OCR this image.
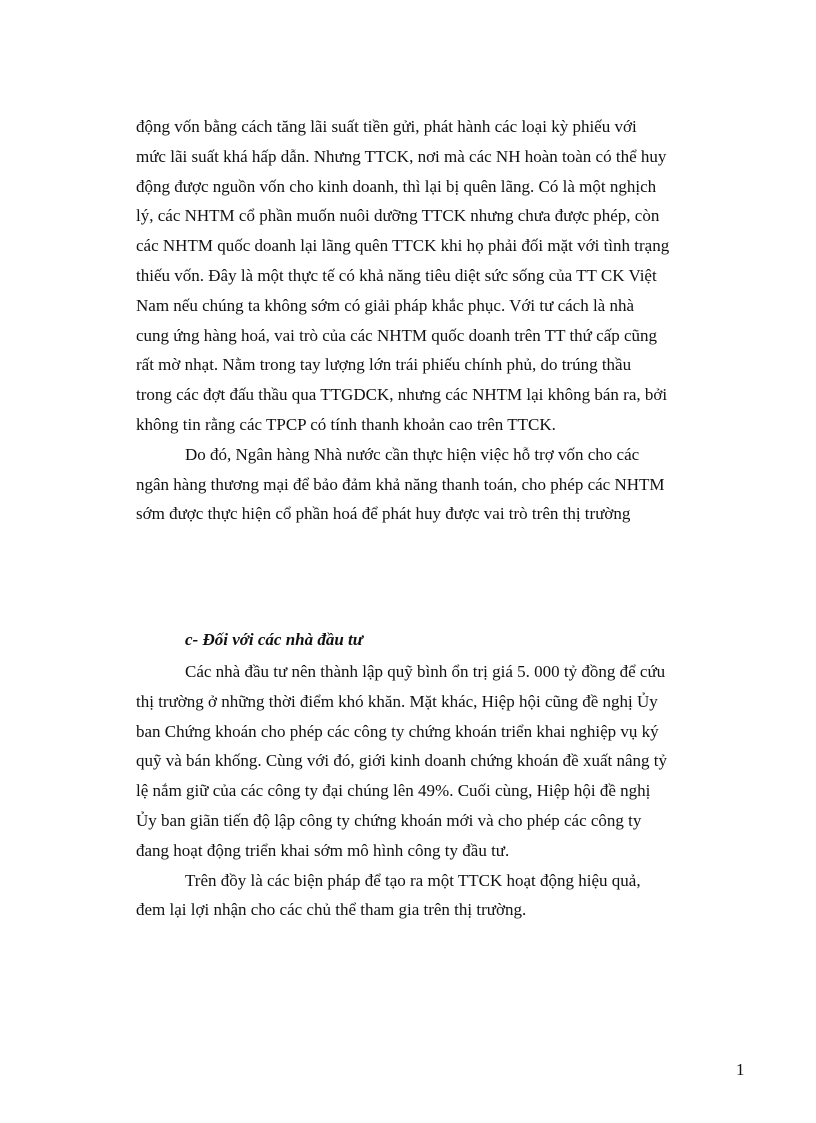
động vốn bằng cách tăng lãi suất tiền gửi, phát hành các loại kỳ phiếu với
mức lãi suất khá hấp dẫn. Nhưng TTCK, nơi mà các NH hoàn toàn có thể huy
động được nguồn vốn cho kinh doanh, thì lại bị quên lãng. Có là một nghịch
lý, các NHTM cổ phần muốn nuôi dưỡng TTCK nhưng chưa được phép, còn
các NHTM quốc doanh lại lãng quên TTCK khi họ phải đối mặt với tình trạng
thiếu vốn. Đây là một thực tế có khả năng tiêu diệt sức sống của TT CK Việt
Nam nếu chúng ta không sớm có giải pháp khắc phục. Với tư cách là nhà
cung ứng hàng hoá, vai trò của các NHTM quốc doanh trên TT thứ cấp cũng
rất mờ nhạt. Nằm trong tay lượng lớn trái phiếu chính phủ, do trúng thầu
trong các đợt đấu thầu qua TTGDCK, nhưng các NHTM lại không bán ra, bởi
không tin rằng các TPCP có tính thanh khoản cao trên TTCK.
Do đó, Ngân hàng Nhà nước cần thực hiện việc hỗ trợ vốn cho các
ngân hàng thương mại để bảo đảm khả năng thanh toán, cho phép các NHTM
sớm được thực hiện cổ phần hoá để phát huy được vai trò trên thị trường
c- Đối với các nhà đầu tư
Các nhà đầu tư nên thành lập quỹ bình ổn trị giá 5. 000 tỷ đồng để cứu
thị trường ở những thời điểm khó khăn. Mặt khác, Hiệp hội cũng đề nghị Ủy
ban Chứng khoán cho phép các công ty chứng khoán triển khai nghiệp vụ ký
quỹ và bán khống. Cùng với đó, giới kinh doanh chứng khoán đề xuất nâng tỷ
lệ nắm giữ của các công ty đại chúng lên 49%. Cuối cùng, Hiệp hội đề nghị
Ủy ban giãn tiến độ lập công ty chứng khoán mới và cho phép các công ty
đang hoạt động triển khai sớm mô hình công ty đầu tư.
Trên đồy là các biện pháp để tạo ra một TTCK hoạt động hiệu quả,
đem lại lợi nhận cho các chủ thể tham gia trên thị trường.
1
